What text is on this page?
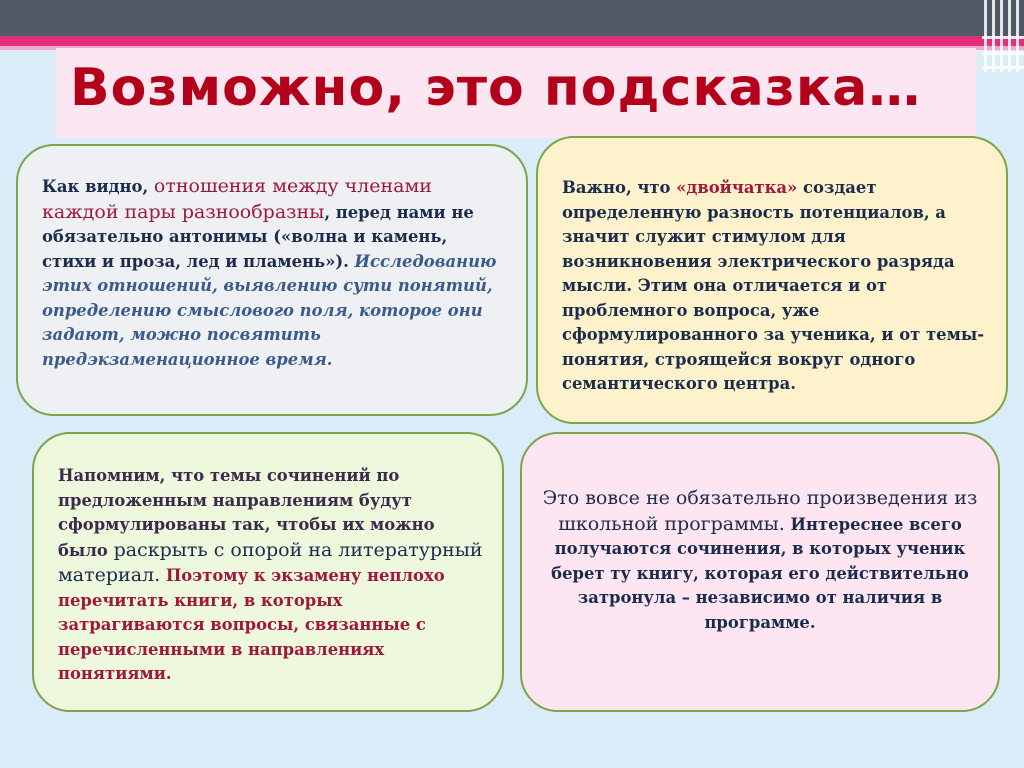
Возможно, это подсказка…
Как видно, отношения между членами каждой пары разнообразны, перед нами не обязательно антонимы («волна и камень, стихи и проза, лед и пламень»). Исследованию этих отношений, выявлению сути понятий, определению смыслового поля, которое они задают, можно посвятить предэкзаменационное время.
Важно, что «двойчатка» создает определенную разность потенциалов, а значит служит стимулом для возникновения электрического разряда мысли. Этим она отличается и от проблемного вопроса, уже сформулированного за ученика, и от темы-понятия, строящейся вокруг одного семантического центра.
Напомним, что темы сочинений по предложенным направлениям будут сформулированы так, чтобы их можно было раскрыть с опорой на литературный материал. Поэтому к экзамену неплохо перечитать книги, в которых затрагиваются вопросы, связанные с перечисленными в направлениях понятиями.
Это вовсе не обязательно произведения из школьной программы. Интереснее всего получаются сочинения, в которых ученик берет ту книгу, которая его действительно затронула – независимо от наличия в программе.
